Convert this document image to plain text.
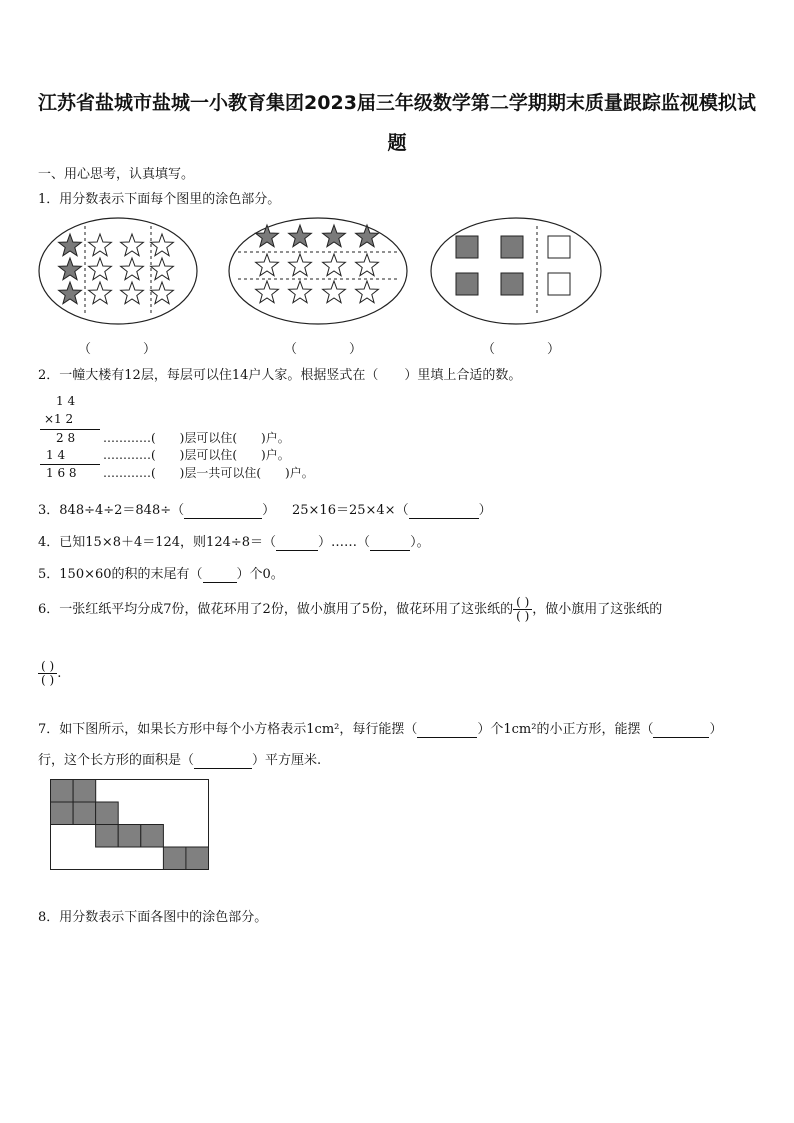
江苏省盐城市盐城一小教育集团2023届三年级数学第二学期期末质量跟踪监视模拟试
题
一、用心思考，认真填写。
1．用分数表示下面每个图里的涂色部分。
（　　　　）	（　　　　）	（　　　　）
2．一幢大楼有12层，每层可以住14户人家。根据竖式在（　　）里填上合适的数。
1 4
×1 2
2 8
1 4
1 6 8
…………(　　)层可以住(　　)户。
…………(　　)层可以住(　　)户。
…………(　　)层一共可以住(　　)户。
3．848÷4÷2＝848÷（	） 25×16＝25×4×（	）
4．已知15×8＋4＝124，则124÷8＝（	）……（	）。
5．150×60的积的末尾有（	）个0。
6．一张红纸平均分成7份，做花环用了2份，做小旗用了5份，做花环用了这张纸的 $\frac{( )}{( )}$ ，做小旗用了这张纸的
$\frac{( )}{( )}$ .
7．如下图所示，如果长方形中每个小方格表示1cm²，每行能摆（	）个1cm²的小正方形，能摆（	）
行，这个长方形的面积是（	）平方厘米.
8．用分数表示下面各图中的涂色部分。
